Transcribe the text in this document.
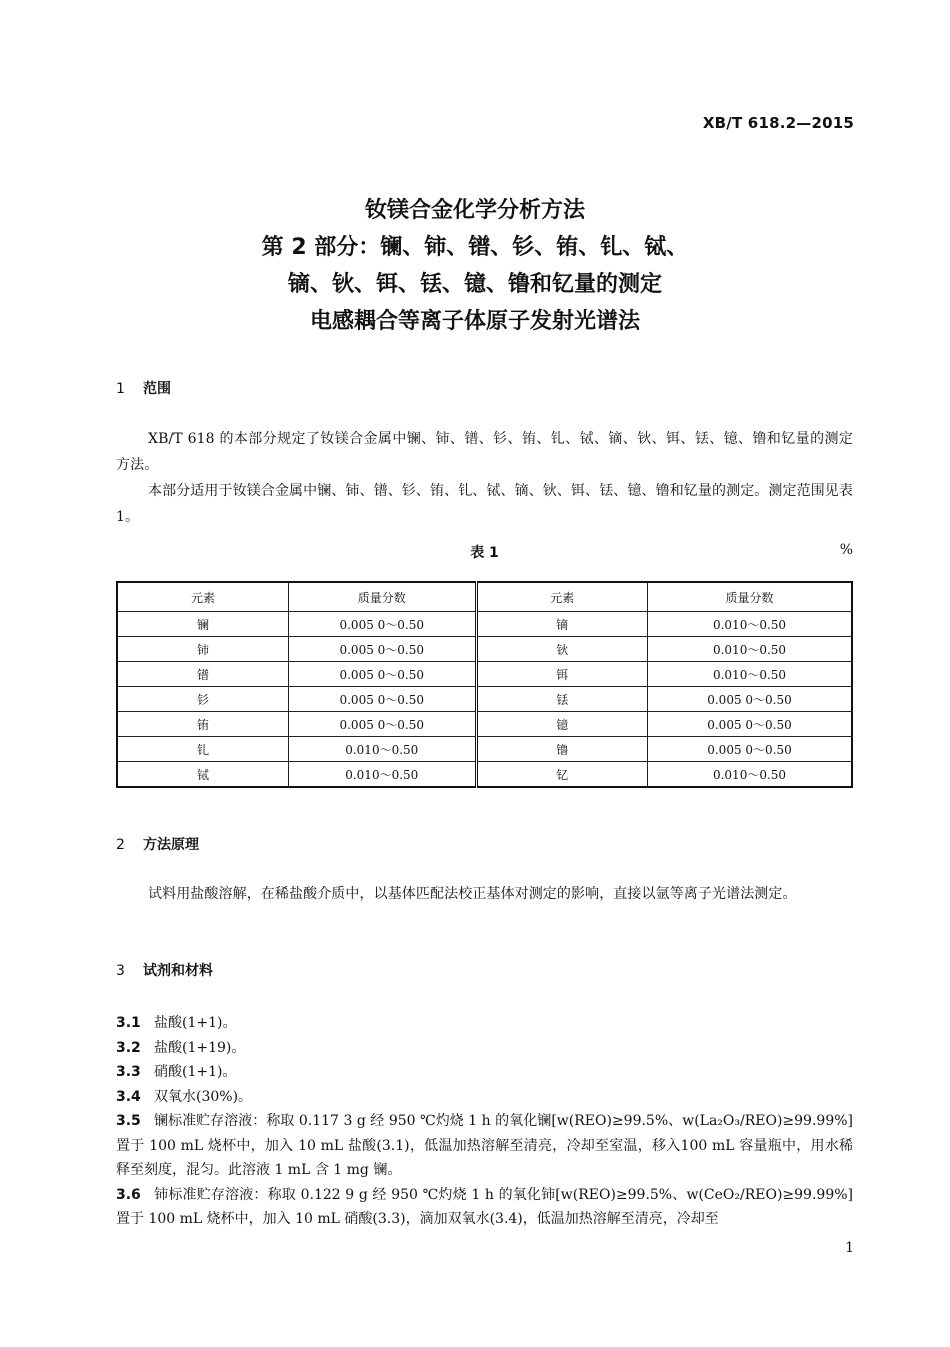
XB/T 618.2—2015
钕镁合金化学分析方法
第 2 部分：镧、铈、镨、钐、铕、钆、铽、
镝、钬、铒、铥、镱、镥和钇量的测定
电感耦合等离子体原子发射光谱法
1 范围
XB/T 618 的本部分规定了钕镁合金属中镧、铈、镨、钐、铕、钆、铽、镝、钬、铒、铥、镱、镥和钇量的测定方法。
本部分适用于钕镁合金属中镧、铈、镨、钐、铕、钆、铽、镝、钬、铒、铥、镱、镥和钇量的测定。测定范围见表 1。
表 1	%
元素	质量分数	元素	质量分数
镧	0.005 0～0.50	镝	0.010～0.50
铈	0.005 0～0.50	钬	0.010～0.50
镨	0.005 0～0.50	铒	0.010～0.50
钐	0.005 0～0.50	铥	0.005 0～0.50
铕	0.005 0～0.50	镱	0.005 0～0.50
钆	0.010～0.50	镥	0.005 0～0.50
铽	0.010～0.50	钇	0.010～0.50
2 方法原理
试料用盐酸溶解，在稀盐酸介质中，以基体匹配法校正基体对测定的影响，直接以氩等离子光谱法测定。
3 试剂和材料
3.1 盐酸(1+1)。
3.2 盐酸(1+19)。
3.3 硝酸(1+1)。
3.4 双氧水(30%)。
3.5 镧标准贮存溶液：称取 0.117 3 g 经 950 ℃灼烧 1 h 的氧化镧[w(REO)≥99.5%、w(La₂O₃/REO)≥99.99%]置于 100 mL 烧杯中，加入 10 mL 盐酸(3.1)，低温加热溶解至清亮，冷却至室温，移入100 mL 容量瓶中，用水稀释至刻度，混匀。此溶液 1 mL 含 1 mg 镧。
3.6 铈标准贮存溶液：称取 0.122 9 g 经 950 ℃灼烧 1 h 的氧化铈[w(REO)≥99.5%、w(CeO₂/REO)≥99.99%]置于 100 mL 烧杯中，加入 10 mL 硝酸(3.3)，滴加双氧水(3.4)，低温加热溶解至清亮，冷却至
1
